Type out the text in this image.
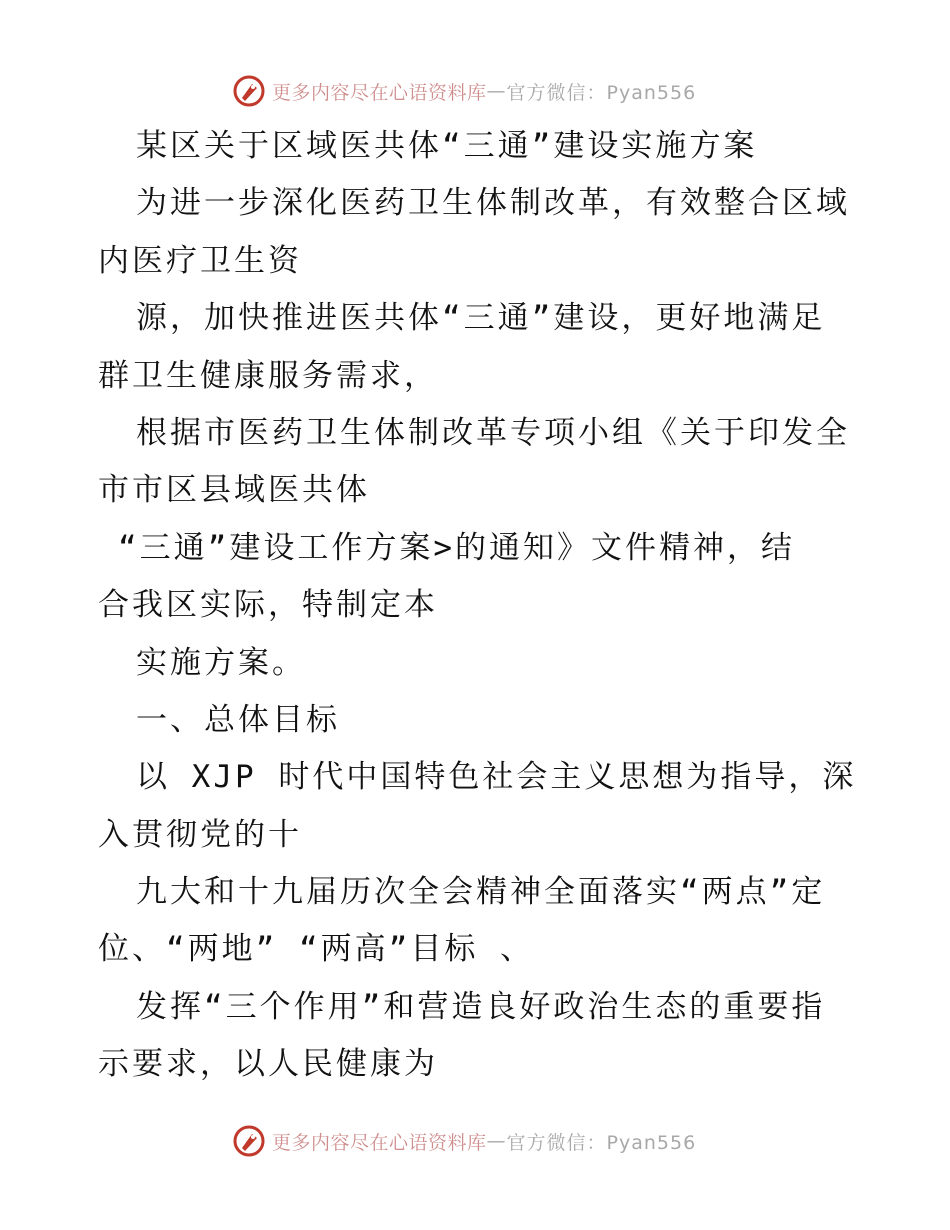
更多内容尽在心语资料库 — 官方微信：Pyan556
某区关于区域医共体“三通”建设实施方案
为进一步深化医药卫生体制改革，有效整合区域
内医疗卫生资
源，加快推进医共体“三通”建设，更好地满足
群卫生健康服务需求，
根据市医药卫生体制改革专项小组《关于印发全
市市区县域医共体
“三通”建设工作方案>的通知》文件精神，结
合我区实际，特制定本
实施方案。
一、总体目标
以 XJP 时代中国特色社会主义思想为指导，深
入贯彻党的十
九大和十九届历次全会精神全面落实“两点”定
位、“两地” “两高”目标 、
发挥“三个作用”和营造良好政治生态的重要指
示要求，以人民健康为
更多内容尽在心语资料库 — 官方微信：Pyan556
